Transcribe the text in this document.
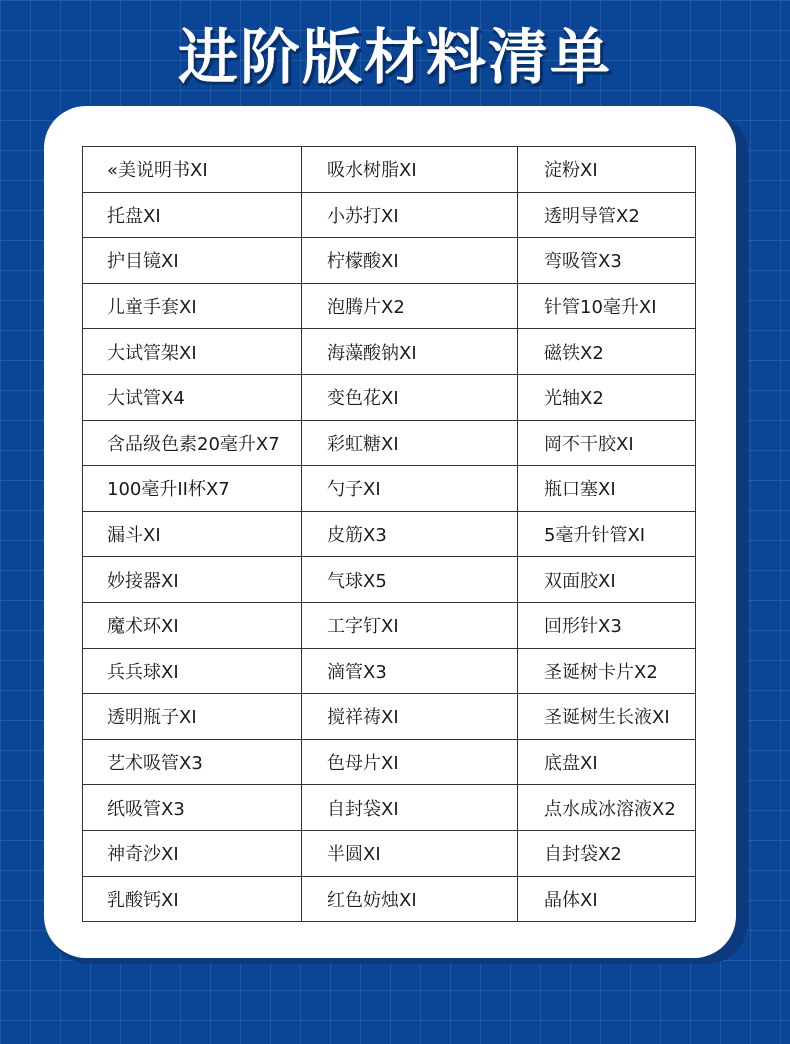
进阶版材料清单
«美说明书XI	吸水树脂XI	淀粉XI
托盘XI	小苏打XI	透明导管X2
护目镜XI	柠檬酸XI	弯吸管X3
儿童手套XI	泡腾片X2	针管10毫升XI
大试管架XI	海藻酸钠XI	磁铁X2
大试管X4	变色花XI	光轴X2
含品级色素20毫升X7	彩虹糖XI	岡不干胶XI
100毫升II杯X7	勺子XI	瓶口塞XI
漏斗XI	皮筋X3	5毫升针管XI
妙接器XI	气球X5	双面胶XI
魔术环XI	工字钉XI	回形针X3
兵兵球XI	滴管X3	圣诞树卡片X2
透明瓶子XI	搅祥祷XI	圣诞树生长液XI
艺术吸管X3	色母片XI	底盘XI
纸吸管X3	自封袋XI	点水成冰溶液X2
神奇沙XI	半圆XI	自封袋X2
乳酸钙XI	红色妨烛XI	晶体XI
